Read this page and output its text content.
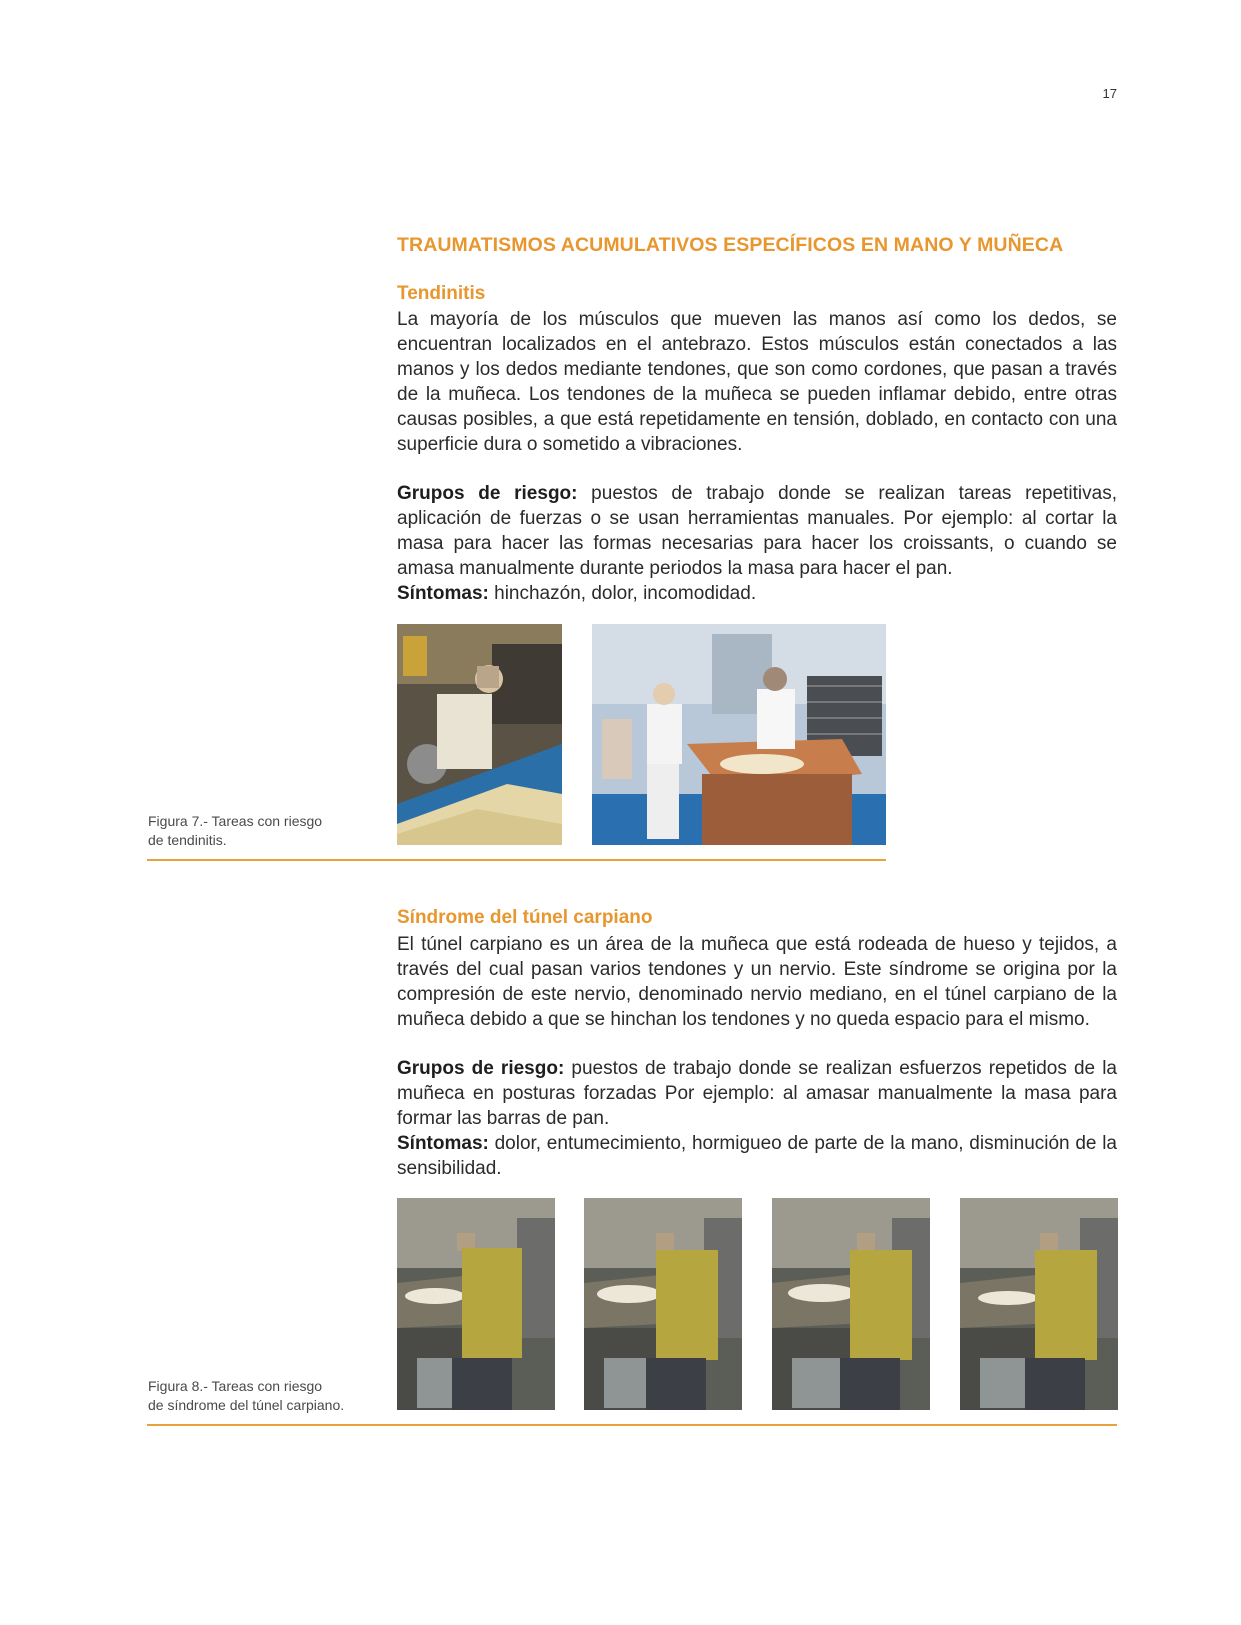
17
TRAUMATISMOS ACUMULATIVOS ESPECÍFICOS EN MANO Y MUÑECA
Tendinitis

La mayoría de los músculos que mueven las manos así como los dedos, se encuentran localizados en el antebrazo. Estos músculos están conectados a las manos y los dedos mediante tendones, que son como cordones, que pasan a través de la muñeca. Los tendones de la muñeca se pueden inflamar debido, entre otras causas posibles, a que está repetidamente en tensión, doblado, en contacto con una superficie dura o sometido a vibraciones.

Grupos de riesgo: puestos de trabajo donde se realizan tareas repetitivas, aplicación de fuerzas o se usan herramientas manuales. Por ejemplo: al cortar la masa para hacer las formas necesarias para hacer los croissants, o cuando se amasa manualmente durante periodos la masa para hacer el pan.

Síntomas: hinchazón, dolor, incomodidad.

Figura 7.- Tareas con riesgo
de tendinitis.
Síndrome del túnel carpiano

El túnel carpiano es un área de la muñeca que está rodeada de hueso y tejidos, a través del cual pasan varios tendones y un nervio. Este síndrome se origina por la compresión de este nervio, denominado nervio mediano, en el túnel carpiano de la muñeca debido a que se hinchan los tendones y no queda espacio para el mismo.

Grupos de riesgo: puestos de trabajo donde se realizan esfuerzos repetidos de la muñeca en posturas forzadas Por ejemplo: al amasar manualmente la masa para formar las barras de pan.

Síntomas: dolor, entumecimiento, hormigueo de parte de la mano, disminución de la sensibilidad.

Figura 8.- Tareas con riesgo
de síndrome del túnel carpiano.
